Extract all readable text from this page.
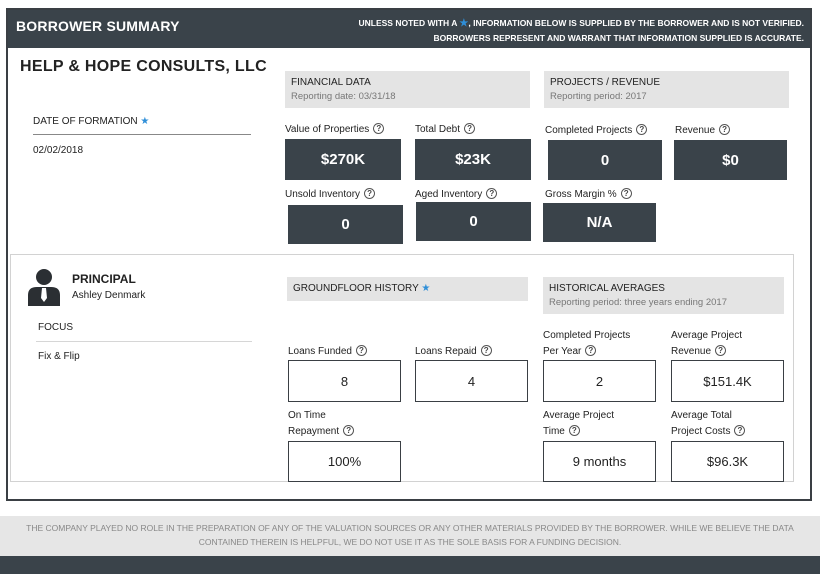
BORROWER SUMMARY	UNLESS NOTED WITH A ★, INFORMATION BELOW IS SUPPLIED BY THE BORROWER AND IS NOT VERIFIED.
BORROWERS REPRESENT AND WARRANT THAT INFORMATION SUPPLIED IS ACCURATE.
HELP & HOPE CONSULTS, LLC
DATE OF FORMATION ★
02/02/2018
FINANCIAL DATA
Reporting date: 03/31/18
Value of Properties ?
$270K
Total Debt ?
$23K
Unsold Inventory ?
0
Aged Inventory ?
0
PROJECTS / REVENUE
Reporting period: 2017
Completed Projects ?
0
Revenue ?
$0
Gross Margin % ?
N/A
PRINCIPAL
Ashley Denmark
FOCUS
Fix & Flip
GROUNDFLOOR HISTORY ★
Loans Funded ?
8
Loans Repaid ?
4
On Time
Repayment ?
100%
HISTORICAL AVERAGES
Reporting period: three years ending 2017
Completed Projects
Per Year ?
2
Average Project
Revenue ?
$151.4K
Average Project
Time ?
9 months
Average Total
Project Costs ?
$96.3K
THE COMPANY PLAYED NO ROLE IN THE PREPARATION OF ANY OF THE VALUATION SOURCES OR ANY OTHER MATERIALS PROVIDED BY THE BORROWER. WHILE WE BELIEVE THE DATA
CONTAINED THEREIN IS HELPFUL, WE DO NOT USE IT AS THE SOLE BASIS FOR A FUNDING DECISION.
